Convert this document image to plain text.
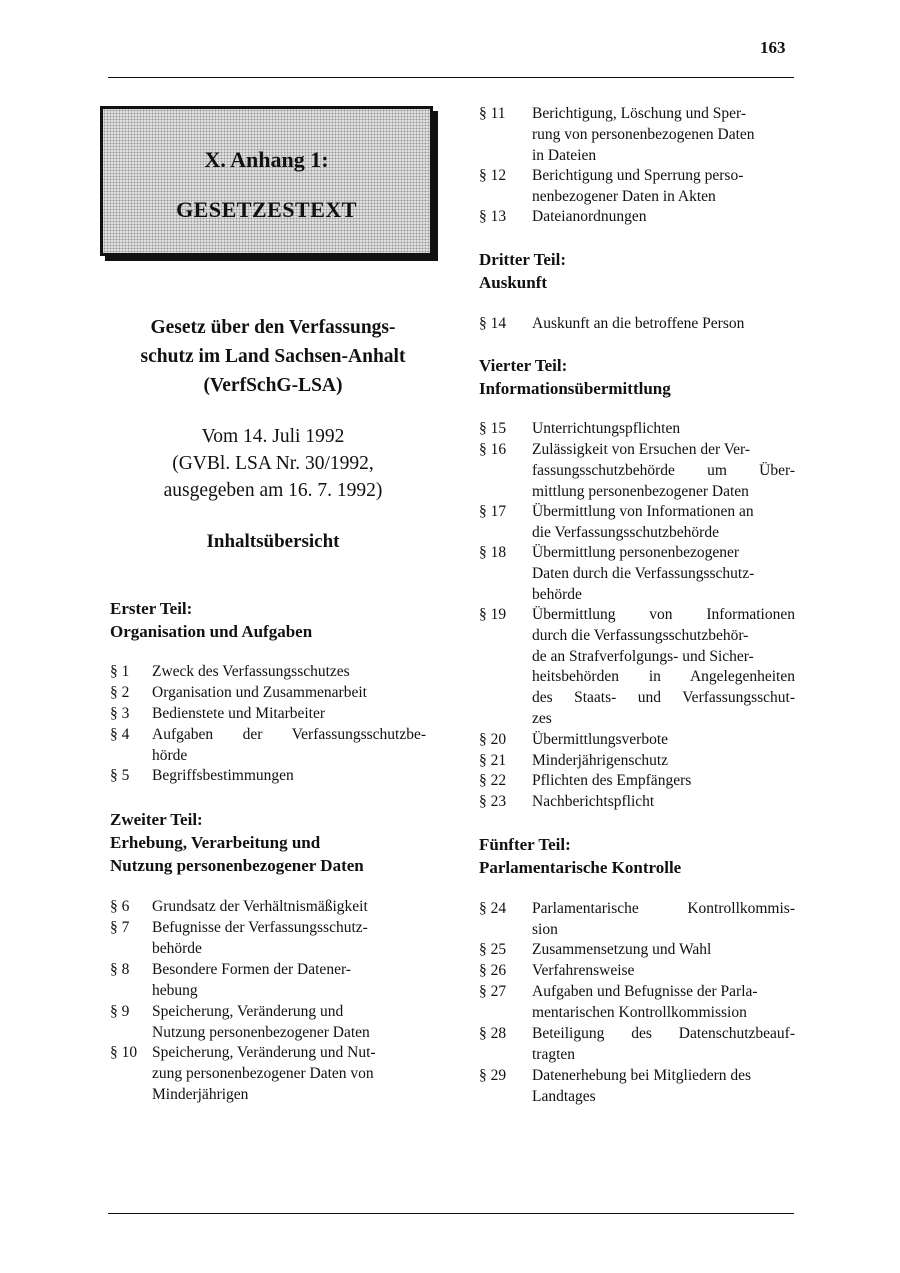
163
X. Anhang 1:
GESETZESTEXT
Gesetz über den Verfassungs-
schutz im Land Sachsen-Anhalt
(VerfSchG-LSA)
Vom 14. Juli 1992
(GVBl. LSA Nr. 30/1992,
ausgegeben am 16. 7. 1992)
Inhaltsübersicht
Erster Teil:
Organisation und Aufgaben
§ 1 Zweck des Verfassungsschutzes
§ 2 Organisation und Zusammenarbeit
§ 3 Bedienstete und Mitarbeiter
§ 4 Aufgaben der Verfassungsschutzbe-
hörde
§ 5 Begriffsbestimmungen
Zweiter Teil:
Erhebung, Verarbeitung und
Nutzung personenbezogener Daten
§ 6 Grundsatz der Verhältnismäßigkeit
§ 7 Befugnisse der Verfassungsschutz-
behörde
§ 8 Besondere Formen der Datener-
hebung
§ 9 Speicherung, Veränderung und
Nutzung personenbezogener Daten
§ 10 Speicherung, Veränderung und Nut-
zung personenbezogener Daten von
Minderjährigen
§ 11 Berichtigung, Löschung und Sper-
rung von personenbezogenen Daten
in Dateien
§ 12 Berichtigung und Sperrung perso-
nenbezogener Daten in Akten
§ 13 Dateianordnungen
Dritter Teil:
Auskunft
§ 14 Auskunft an die betroffene Person
Vierter Teil:
Informationsübermittlung
§ 15 Unterrichtungspflichten
§ 16 Zulässigkeit von Ersuchen der Ver-
fassungsschutzbehörde um Über-
mittlung personenbezogener Daten
§ 17 Übermittlung von Informationen an
die Verfassungsschutzbehörde
§ 18 Übermittlung personenbezogener
Daten durch die Verfassungsschutz-
behörde
§ 19 Übermittlung von Informationen
durch die Verfassungsschutzbehör-
de an Strafverfolgungs- und Sicher-
heitsbehörden in Angelegenheiten
des Staats- und Verfassungsschut-
zes
§ 20 Übermittlungsverbote
§ 21 Minderjährigenschutz
§ 22 Pflichten des Empfängers
§ 23 Nachberichtspflicht
Fünfter Teil:
Parlamentarische Kontrolle
§ 24 Parlamentarische Kontrollkommis-
sion
§ 25 Zusammensetzung und Wahl
§ 26 Verfahrensweise
§ 27 Aufgaben und Befugnisse der Parla-
mentarischen Kontrollkommission
§ 28 Beteiligung des Datenschutzbeauf-
tragten
§ 29 Datenerhebung bei Mitgliedern des
Landtages
